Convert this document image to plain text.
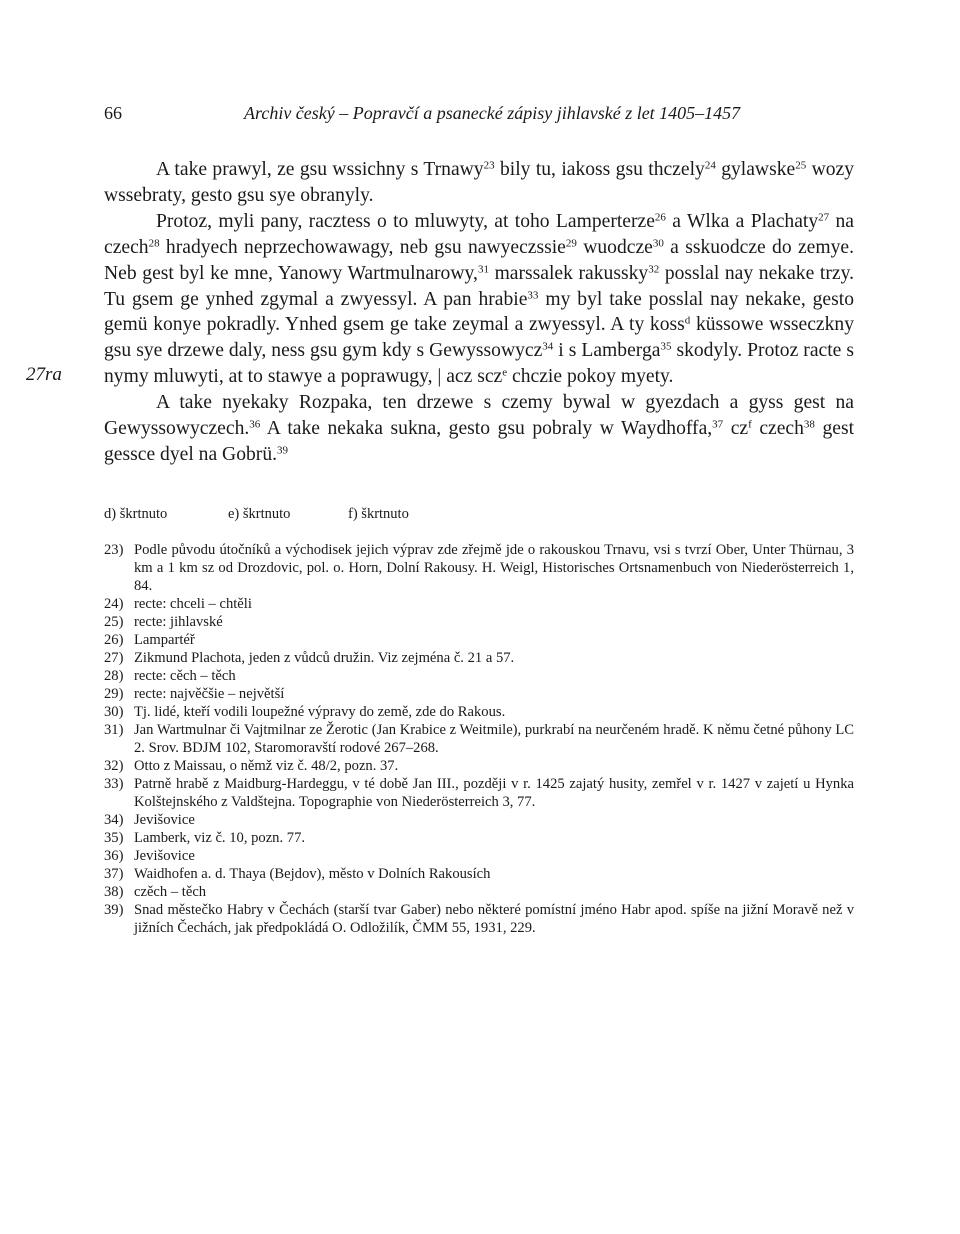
66	Archiv český – Popravčí a psanecké zápisy jihlavské z let 1405–1457
27ra

A take prawyl, ze gsu wssichny s Trnawy$^{23}$ bily tu, iakoss gsu thczely$^{24}$ gylawske$^{25}$ wozy wssebraty, gesto gsu sye obranyly.

Protoz, myli pany, racztess o to mluwyty, at toho Lamperterze$^{26}$ a Wlka a Plachaty$^{27}$ na czech$^{28}$ hradyech neprzechowawagy, neb gsu nawyeczssie$^{29}$ wuodcze$^{30}$ a sskuodcze do zemye. Neb gest byl ke mne, Yanowy Wartmulnarowy,$^{31}$ marssalek rakussky$^{32}$ posslal nay nekake trzy. Tu gsem ge ynhed zgymal a zwyessyl. A pan hrabie$^{33}$ my byl take posslal nay nekake, gesto gemü konye pokradly. Ynhed gsem ge take zeymal a zwyessyl. A ty koss$^d$ küssowe wsseczkny gsu sye drzewe daly, ness gsu gym kdy s Gewyssowycz$^{34}$ i s Lamberga$^{35}$ skodyly. Protoz racte s nymy mluwyti, at to stawye a poprawugy, | acz scz$^e$ chczie pokoy myety.

A take nyekaky Rozpaka, ten drzewe s czemy bywal w gyezdach a gyss gest na Gewyssowyczech.$^{36}$ A take nekaka sukna, gesto gsu pobraly w Waydhoffa,$^{37}$ $cz^f$ czech$^{38}$ gest gessce dyel na Gobrü.$^{39}$

d) škrtnuto	e) škrtnuto	f) škrtnuto
23) Podle původu útočníků a východisek jejich výprav zde zřejmě jde o rakouskou Trnavu, vsi s tvrzí Ober, Unter Thürnau, 3 km a 1 km sz od Drozdovic, pol. o. Horn, Dolní Rakousy. H. Weigl, Historisches Ortsnamenbuch von Niederösterreich 1, 84.
24) recte: chceli – chtěli
25) recte: jihlavské
26) Lampartéř
27) Zikmund Plachota, jeden z vůdců družin. Viz zejména č. 21 a 57.
28) recte: cěch – těch
29) recte: najvěčšie – největší
30) Tj. lidé, kteří vodili loupežné výpravy do země, zde do Rakous.
31) Jan Wartmulnar či Vajtmilnar ze Žerotic (Jan Krabice z Weitmile), purkrabí na neurčeném hradě. K němu četné půhony LC 2. Srov. BDJM 102, Staromoravští rodové 267–268.
32) Otto z Maissau, o němž viz č. 48/2, pozn. 37.
33) Patrně hrabě z Maidburg-Hardeggu, v té době Jan III., později v r. 1425 zajatý husity, zemřel v r. 1427 v zajetí u Hynka Kolštejnského z Valdštejna. Topographie von Niederösterreich 3, 77.
34) Jevišovice
35) Lamberk, viz č. 10, pozn. 77.
36) Jevišovice
37) Waidhofen a. d. Thaya (Bejdov), město v Dolních Rakousích
38) czěch – těch
39) Snad městečko Habry v Čechách (starší tvar Gaber) nebo některé pomístní jméno Habr apod. spíše na jižní Moravě než v jižních Čechách, jak předpokládá O. Odložilík, ČMM 55, 1931, 229.
